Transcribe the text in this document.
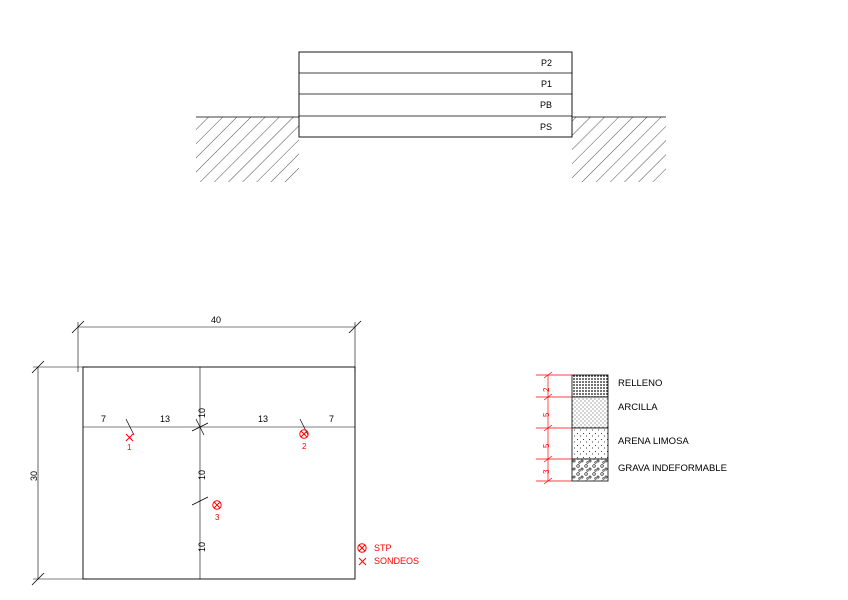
P2
P1
PB
PS
40
30
7	13	13	7
10
10
10
1	2
3
STP
SONDEOS
RELLENO
ARCILLA
ARENA LIMOSA
GRAVA INDEFORMABLE
2
5
5
3
